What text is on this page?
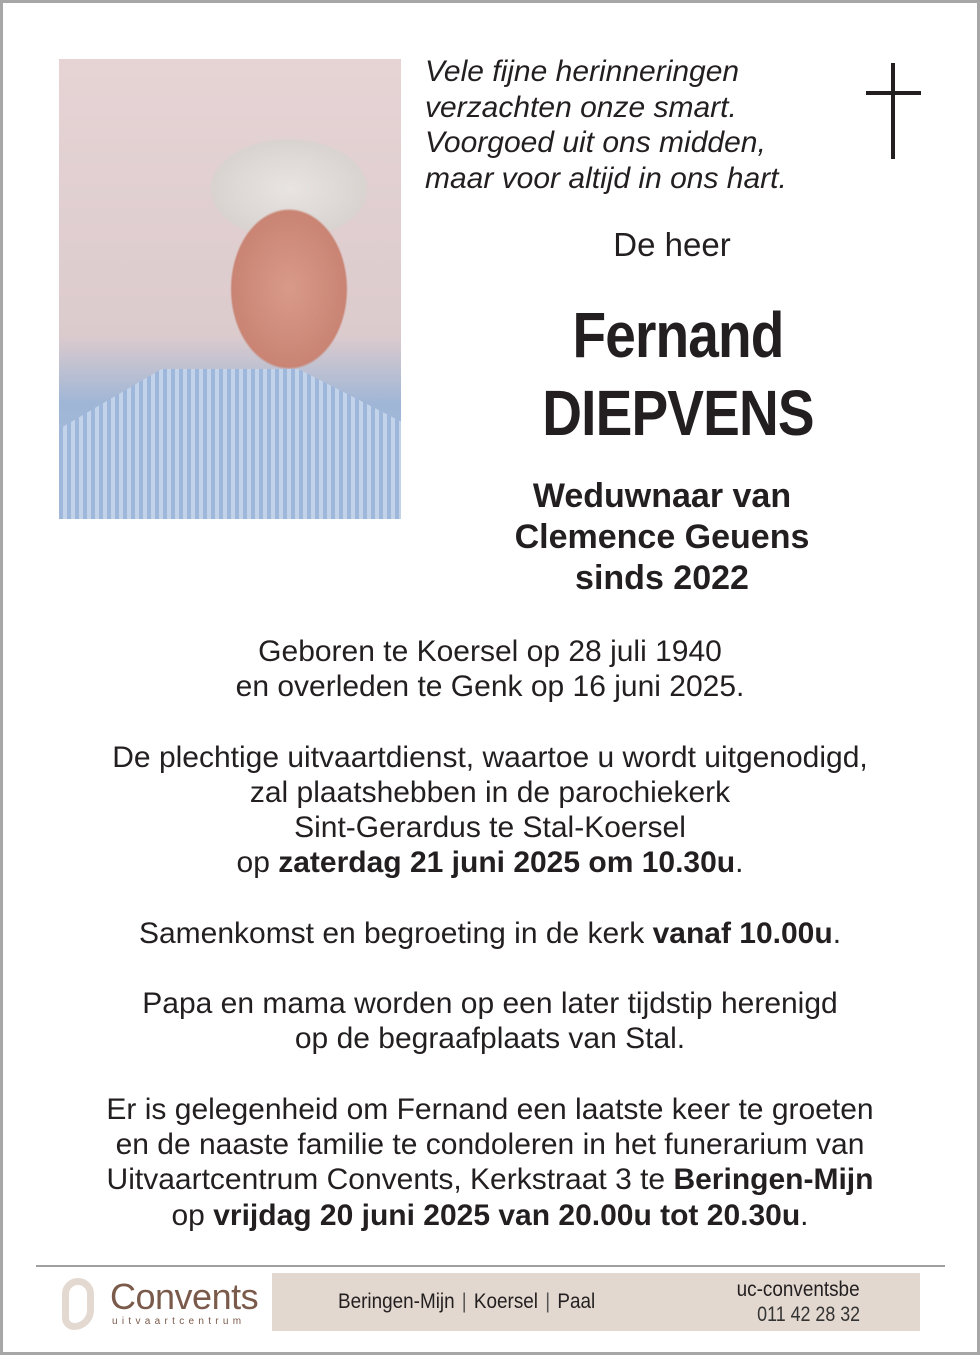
Vele fijne herinneringen
verzachten onze smart.
Voorgoed uit ons midden,
maar voor altijd in ons hart.
De heer
Fernand
DIEPVENS
Weduwnaar van
Clemence Geuens
sinds 2022

Geboren te Koersel op 28 juli 1940
en overleden te Genk op 16 juni 2025.

De plechtige uitvaartdienst, waartoe u wordt uitgenodigd,
zal plaatshebben in de parochiekerk
Sint-Gerardus te Stal-Koersel
op zaterdag 21 juni 2025 om 10.30u.

Samenkomst en begroeting in de kerk vanaf 10.00u.

Papa en mama worden op een later tijdstip herenigd
op de begraafplaats van Stal.

Er is gelegenheid om Fernand een laatste keer te groeten
en de naaste familie te condoleren in het funerarium van
Uitvaartcentrum Convents, Kerkstraat 3 te Beringen-Mijn
op vrijdag 20 juni 2025 van 20.00u tot 20.30u.

Convents
uitvaartcentrum
Beringen-Mijn | Koersel | Paal
uc-conventsbe
011 42 28 32
